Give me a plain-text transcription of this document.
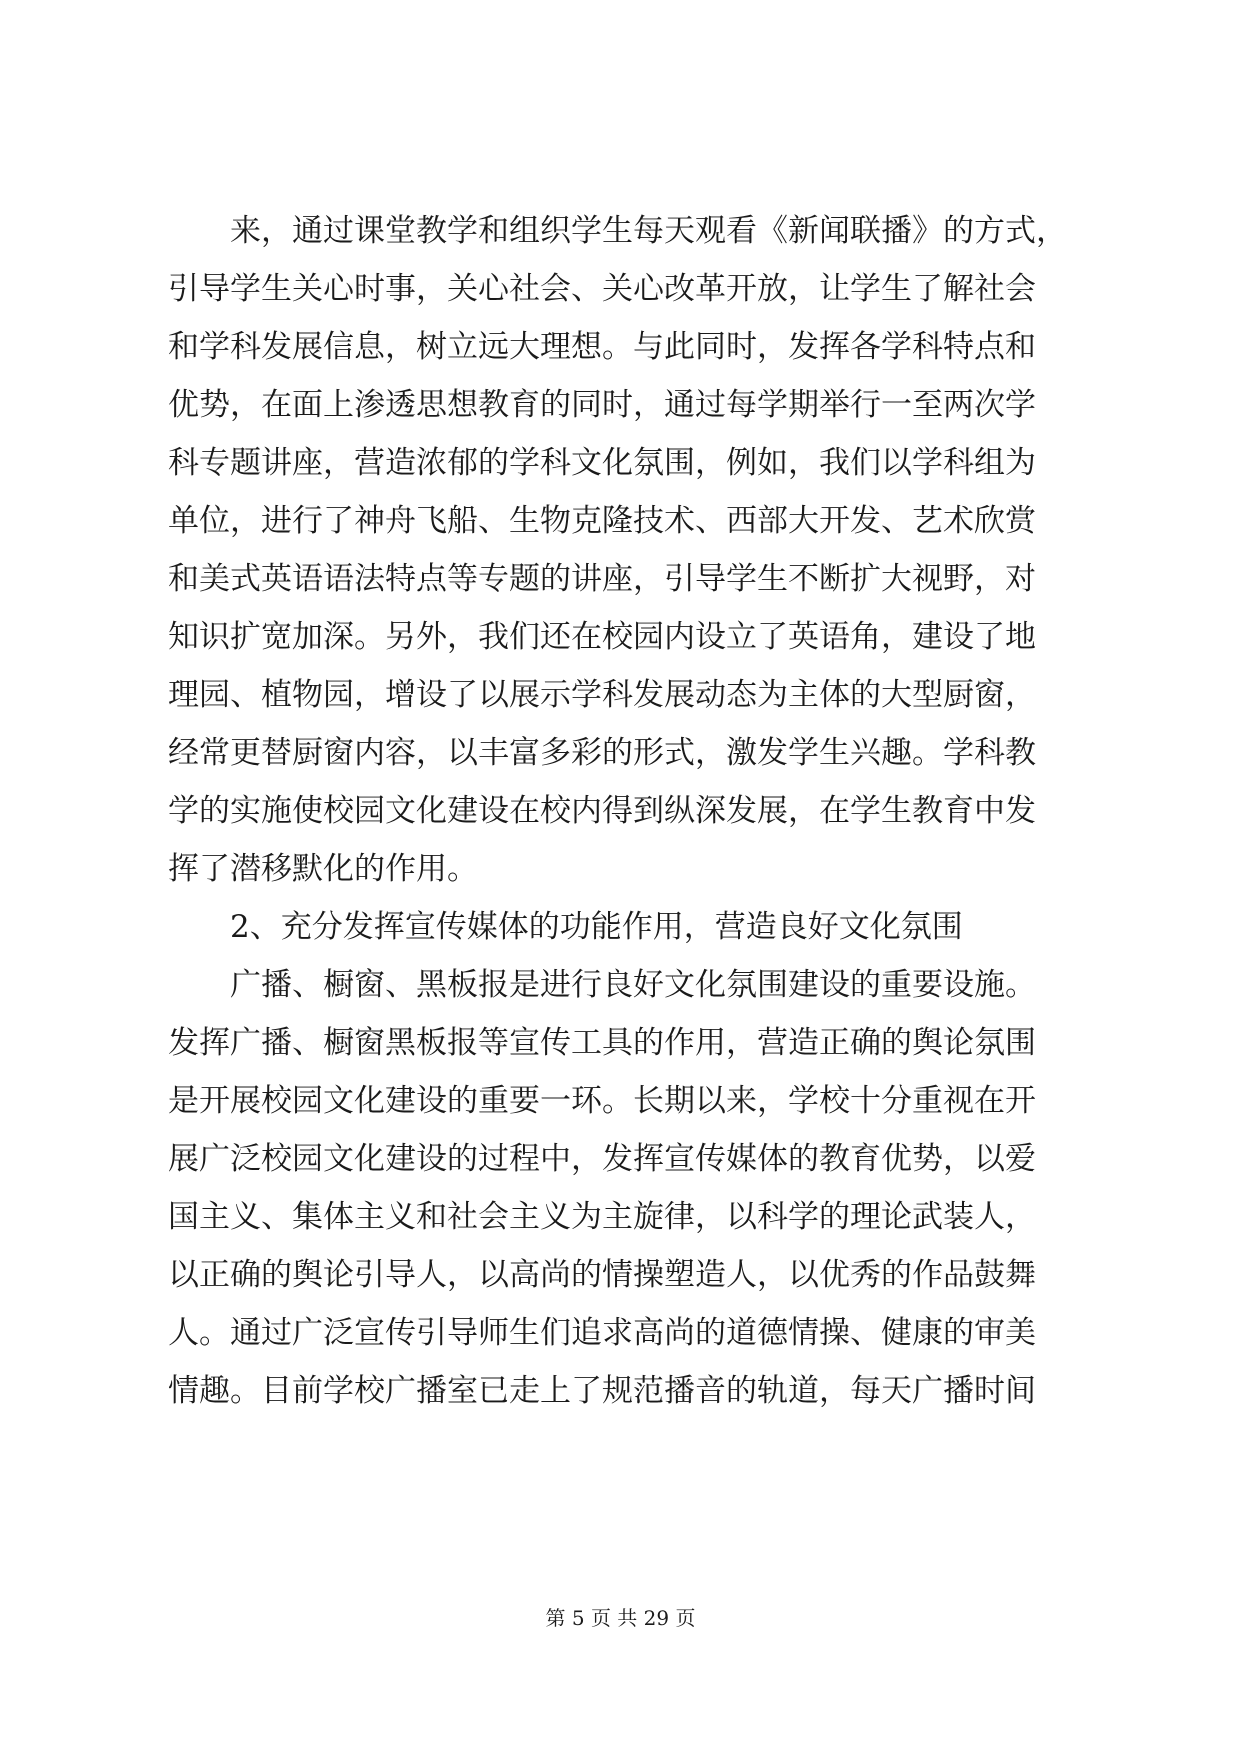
来，通过课堂教学和组织学生每天观看《新闻联播》的方式，
引导学生关心时事，关心社会、关心改革开放，让学生了解社会
和学科发展信息，树立远大理想。与此同时，发挥各学科特点和
优势，在面上渗透思想教育的同时，通过每学期举行一至两次学
科专题讲座，营造浓郁的学科文化氛围，例如，我们以学科组为
单位，进行了神舟飞船、生物克隆技术、西部大开发、艺术欣赏
和美式英语语法特点等专题的讲座，引导学生不断扩大视野，对
知识扩宽加深。另外，我们还在校园内设立了英语角，建设了地
理园、植物园，增设了以展示学科发展动态为主体的大型厨窗，
经常更替厨窗内容，以丰富多彩的形式，激发学生兴趣。学科教
学的实施使校园文化建设在校内得到纵深发展，在学生教育中发
挥了潜移默化的作用。
2、充分发挥宣传媒体的功能作用，营造良好文化氛围
广播、橱窗、黑板报是进行良好文化氛围建设的重要设施。
发挥广播、橱窗黑板报等宣传工具的作用，营造正确的舆论氛围
是开展校园文化建设的重要一环。长期以来，学校十分重视在开
展广泛校园文化建设的过程中，发挥宣传媒体的教育优势，以爱
国主义、集体主义和社会主义为主旋律，以科学的理论武装人，
以正确的舆论引导人，以高尚的情操塑造人，以优秀的作品鼓舞
人。通过广泛宣传引导师生们追求高尚的道德情操、健康的审美
情趣。目前学校广播室已走上了规范播音的轨道，每天广播时间
第 5 页 共 29 页
